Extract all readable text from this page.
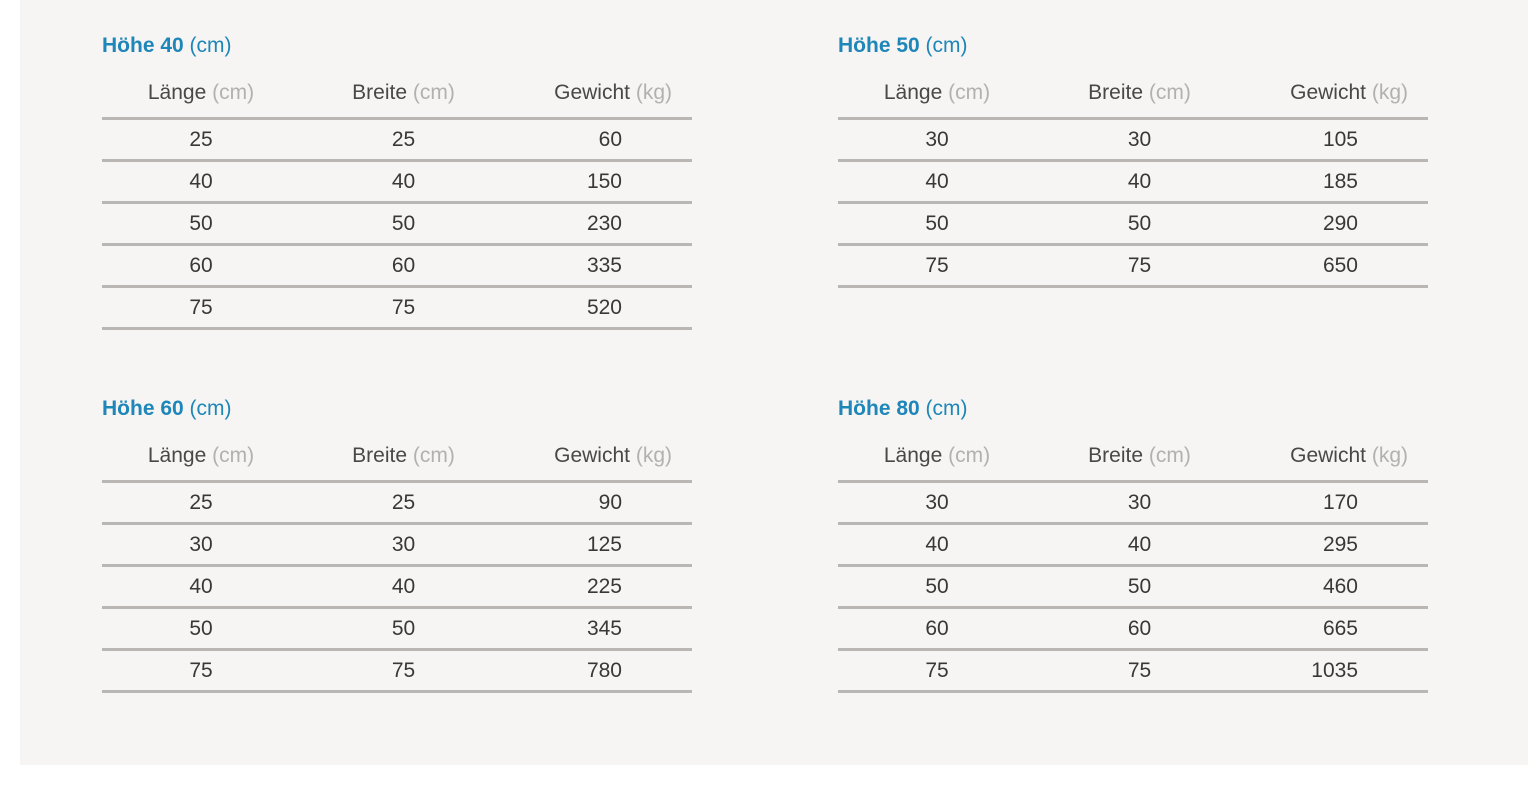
Höhe 40 (cm)
Länge (cm)	Breite (cm)	Gewicht (kg)
25	25	60
40	40	150
50	50	230
60	60	335
75	75	520
Höhe 50 (cm)
Länge (cm)	Breite (cm)	Gewicht (kg)
30	30	105
40	40	185
50	50	290
75	75	650
Höhe 60 (cm)
Länge (cm)	Breite (cm)	Gewicht (kg)
25	25	90
30	30	125
40	40	225
50	50	345
75	75	780
Höhe 80 (cm)
Länge (cm)	Breite (cm)	Gewicht (kg)
30	30	170
40	40	295
50	50	460
60	60	665
75	75	1035
